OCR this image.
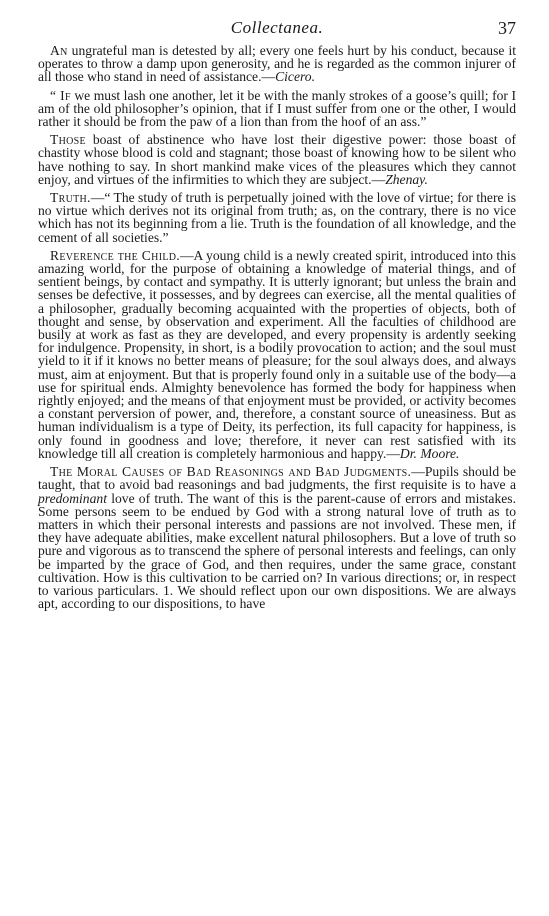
Collectanea.	37

An ungrateful man is detested by all; every one feels hurt by his conduct, because it operates to throw a damp upon generosity, and he is regarded as the common injurer of all those who stand in need of assistance.—Cicero.

“ If we must lash one another, let it be with the manly strokes of a goose’s quill; for I am of the old philosopher’s opinion, that if I must suffer from one or the other, I would rather it should be from the paw of a lion than from the hoof of an ass.”

Those boast of abstinence who have lost their digestive power: those boast of chastity whose blood is cold and stagnant; those boast of knowing how to be silent who have nothing to say. In short mankind make vices of the pleasures which they cannot enjoy, and virtues of the infirmities to which they are subject.—Zhenay.

Truth.—“ The study of truth is perpetually joined with the love of virtue; for there is no virtue which derives not its original from truth; as, on the contrary, there is no vice which has not its beginning from a lie. Truth is the foundation of all knowledge, and the cement of all societies.”

Reverence the Child.—A young child is a newly created spirit, introduced into this amazing world, for the purpose of obtaining a knowledge of material things, and of sentient beings, by contact and sympathy. It is utterly ignorant; but unless the brain and senses be defective, it possesses, and by degrees can exercise, all the mental qualities of a philosopher, gradually becoming acquainted with the properties of objects, both of thought and sense, by observation and experiment. All the faculties of childhood are busily at work as fast as they are developed, and every propensity is ardently seeking for indulgence. Propensity, in short, is a bodily provocation to action; and the soul must yield to it if it knows no better means of pleasure; for the soul always does, and always must, aim at enjoyment. But that is properly found only in a suitable use of the body—a use for spiritual ends. Almighty benevolence has formed the body for happiness when rightly enjoyed; and the means of that enjoyment must be provided, or activity becomes a constant perversion of power, and, therefore, a constant source of uneasiness. But as human individualism is a type of Deity, its perfection, its full capacity for happiness, is only found in goodness and love; therefore, it never can rest satisfied with its knowledge till all creation is completely harmonious and happy.—Dr. Moore.

The Moral Causes of Bad Reasonings and Bad Judgments.—Pupils should be taught, that to avoid bad reasonings and bad judgments, the first requisite is to have a predominant love of truth. The want of this is the parent-cause of errors and mistakes. Some persons seem to be endued by God with a strong natural love of truth as to matters in which their personal interests and passions are not involved. These men, if they have adequate abilities, make excellent natural philosophers. But a love of truth so pure and vigorous as to transcend the sphere of personal interests and feelings, can only be imparted by the grace of God, and then requires, under the same grace, constant cultivation. How is this cultivation to be carried on? In various directions; or, in respect to various particulars. 1. We should reflect upon our own dispositions. We are always apt, according to our dispositions, to have
